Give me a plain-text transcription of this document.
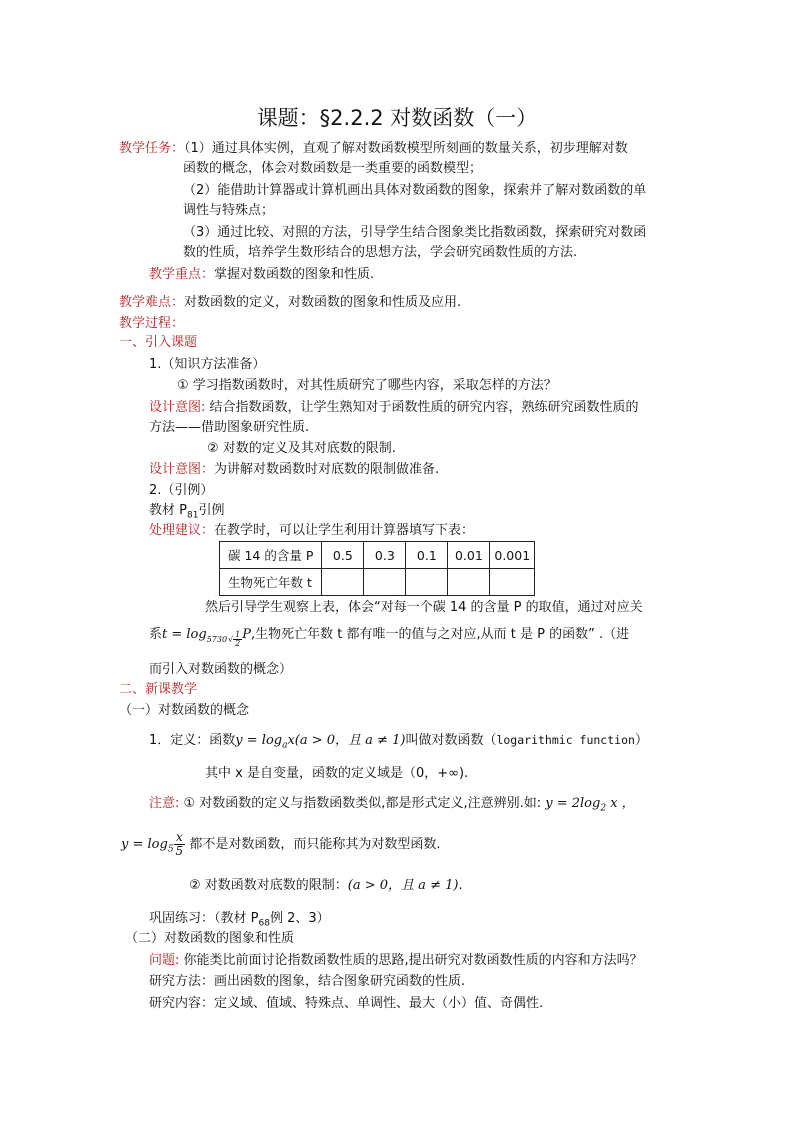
课题：§2.2.2 对数函数（一）
教学任务：（1）通过具体实例，直观了解对数函数模型所刻画的数量关系，初步理解对数
函数的概念，体会对数函数是一类重要的函数模型；
（2）能借助计算器或计算机画出具体对数函数的图象，探索并了解对数函数的单
调性与特殊点；
（3）通过比较、对照的方法，引导学生结合图象类比指数函数，探索研究对数函
数的性质，培养学生数形结合的思想方法，学会研究函数性质的方法.
教学重点：掌握对数函数的图象和性质.
教学难点：对数函数的定义，对数函数的图象和性质及应用.
教学过程：
一、引入课题
1.（知识方法准备）
① 学习指数函数时，对其性质研究了哪些内容，采取怎样的方法？
设计意图: 结合指数函数，让学生熟知对于函数性质的研究内容，熟练研究函数性质的
方法——借助图象研究性质.
② 对数的定义及其对底数的限制.
设计意图：为讲解对数函数时对底数的限制做准备.
2.（引例）
教材 $P_{81}$引例
处理建议：在教学时，可以让学生利用计算器填写下表：
碳 14 的含量 P	0.5	0.3	0.1	0.01	0.001
生物死亡年数 t					
然后引导学生观察上表，体会“对每一个碳 14 的含量 P 的取值，通过对应关
系$t = \log_{5730√ \frac{1}{2}} P$,生物死亡年数 t 都有唯一的值与之对应,从而 t 是 P 的函数” .（进
而引入对数函数的概念）
二、新课教学
（一）对数函数的概念
1．定义：函数$y = \log_ax(a > 0$，且 a ≠ 1)叫做对数函数（logarithmic function）
其中 x 是自变量，函数的定义域是（0，+∞).
注意: ① 对数函数的定义与指数函数类似,都是形式定义,注意辨别.如: $y = 2\log_2$ x ，
$y = \log_5 \frac{x}{5}$ 都不是对数函数，而只能称其为对数型函数.
② 对数函数对底数的限制：(a > 0，且 a ≠ 1).
巩固练习：（教材 $P_{68}$例 2、3）
（二）对数函数的图象和性质
问题: 你能类比前面讨论指数函数性质的思路,提出研究对数函数性质的内容和方法吗？
研究方法：画出函数的图象，结合图象研究函数的性质.
研究内容：定义域、值域、特殊点、单调性、最大（小）值、奇偶性.
